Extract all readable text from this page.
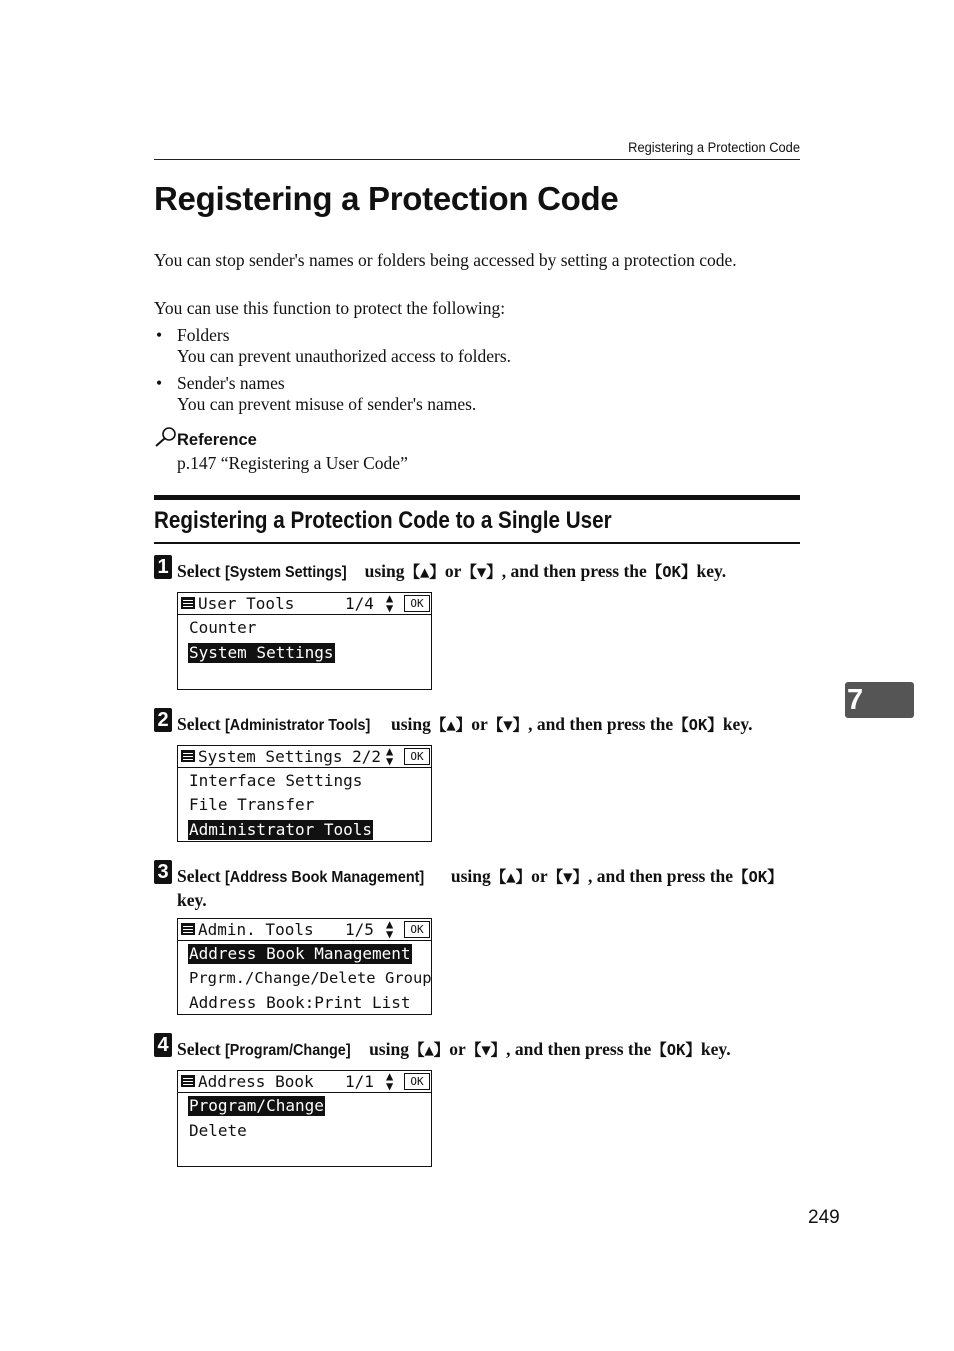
Registering a Protection Code
Registering a Protection Code
You can stop sender's names or folders being accessed by setting a protection code.
You can use this function to protect the following:
• Folders
You can prevent unauthorized access to folders.
• Sender's names
You can prevent misuse of sender's names.
Reference
p.147 “Registering a User Code”
Registering a Protection Code to a Single User
1 Select [System Settings] using【▲】or【▼】, and then press the【OK】key.
User Tools	1/4 ▲
▼	OK
Counter
System Settings
2 Select [Administrator Tools] using【▲】or【▼】, and then press the【OK】key.
System Settings 2/2 ▲
▼	OK
Interface Settings
File Transfer
Administrator Tools
3 Select [Address Book Management] using【▲】or【▼】, and then press the【OK】 key.
Admin. Tools 1/5 ▲
▼	OK
Address Book Management
Prgrm./Change/Delete Group
Address Book:Print List
4 Select [Program/Change] using【▲】or【▼】, and then press the【OK】key.
Address Book 1/1 ▲
▼	OK
Program/Change
Delete
7
249
